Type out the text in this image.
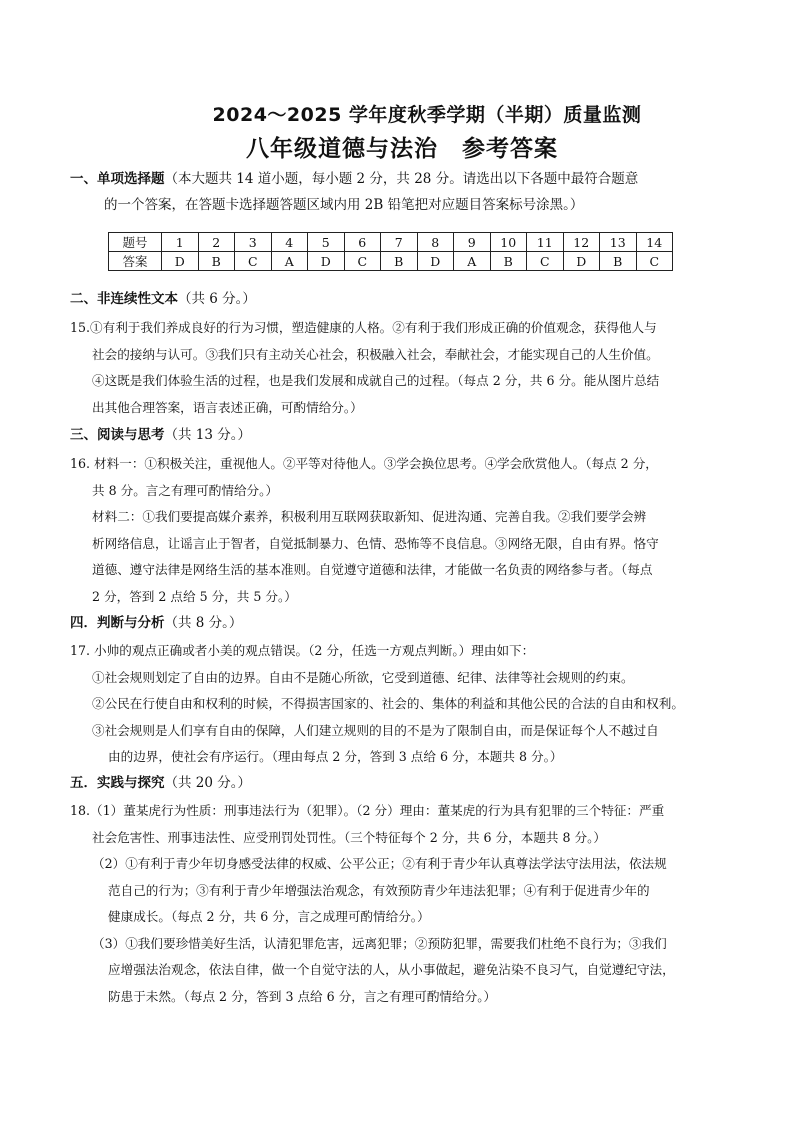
2024～2025 学年度秋季学期（半期）质量监测
八年级道德与法治　参考答案
一、单项选择题（本大题共 14 道小题，每小题 2 分，共 28 分。请选出以下各题中最符合题意
的一个答案，在答题卡选择题答题区域内用 2B 铅笔把对应题目答案标号涂黑。）
题号	1	2	3	4	5	6	7	8	9	10	11	12	13	14
答案	D	B	C	A	D	C	B	D	A	B	C	D	B	C
二、非连续性文本（共 6 分。）
15.①有利于我们养成良好的行为习惯，塑造健康的人格。②有利于我们形成正确的价值观念，获得他人与
社会的接纳与认可。③我们只有主动关心社会，积极融入社会，奉献社会，才能实现自己的人生价值。
④这既是我们体验生活的过程，也是我们发展和成就自己的过程。（每点 2 分，共 6 分。能从图片总结
出其他合理答案，语言表述正确，可酌情给分。）
三、阅读与思考（共 13 分。）
16. 材料一：①积极关注，重视他人。②平等对待他人。③学会换位思考。④学会欣赏他人。（每点 2 分，
共 8 分。言之有理可酌情给分。）
材料二：①我们要提高媒介素养，积极利用互联网获取新知、促进沟通、完善自我。②我们要学会辨
析网络信息，让谣言止于智者，自觉抵制暴力、色情、恐怖等不良信息。③网络无限，自由有界。恪守
道德、遵守法律是网络生活的基本准则。自觉遵守道德和法律，才能做一名负责的网络参与者。（每点
2 分，答到 2 点给 5 分，共 5 分。）
四．判断与分析（共 8 分。）
17. 小帅的观点正确或者小美的观点错误。（2 分，任选一方观点判断。）理由如下：
①社会规则划定了自由的边界。自由不是随心所欲，它受到道德、纪律、法律等社会规则的约束。
②公民在行使自由和权利的时候，不得损害国家的、社会的、集体的利益和其他公民的合法的自由和权利。
③社会规则是人们享有自由的保障，人们建立规则的目的不是为了限制自由，而是保证每个人不越过自
由的边界，使社会有序运行。（理由每点 2 分，答到 3 点给 6 分，本题共 8 分。）
五．实践与探究（共 20 分。）
18.（1）董某虎行为性质：刑事违法行为（犯罪）。（2 分）理由：董某虎的行为具有犯罪的三个特征：严重
社会危害性、刑事违法性、应受刑罚处罚性。（三个特征每个 2 分，共 6 分，本题共 8 分。）
（2）①有利于青少年切身感受法律的权威、公平公正；②有利于青少年认真尊法学法守法用法，依法规
范自己的行为；③有利于青少年增强法治观念，有效预防青少年违法犯罪；④有利于促进青少年的
健康成长。（每点 2 分，共 6 分，言之成理可酌情给分。）
（3）①我们要珍惜美好生活，认清犯罪危害，远离犯罪；②预防犯罪，需要我们杜绝不良行为；③我们
应增强法治观念，依法自律，做一个自觉守法的人，从小事做起，避免沾染不良习气，自觉遵纪守法，
防患于未然。（每点 2 分，答到 3 点给 6 分，言之有理可酌情给分。）
